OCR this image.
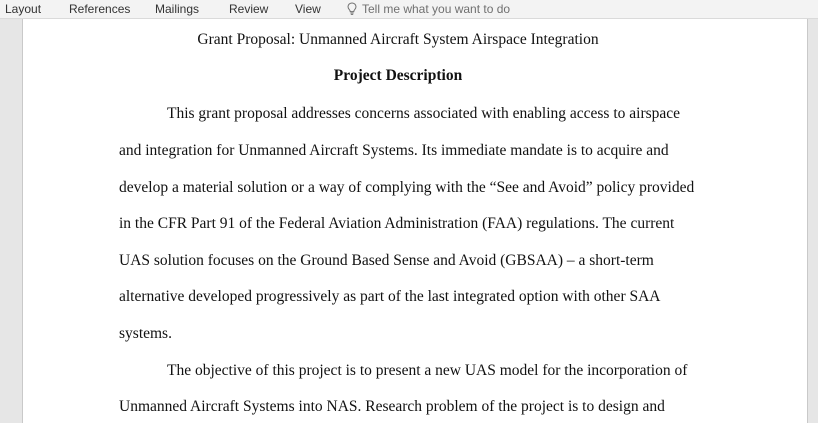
Layout References Mailings Review View	Tell me what you want to do
Grant Proposal: Unmanned Aircraft System Airspace Integration
Project Description
This grant proposal addresses concerns associated with enabling access to airspace
and integration for Unmanned Aircraft Systems. Its immediate mandate is to acquire and
develop a material solution or a way of complying with the “See and Avoid” policy provided
in the CFR Part 91 of the Federal Aviation Administration (FAA) regulations. The current
UAS solution focuses on the Ground Based Sense and Avoid (GBSAA) – a short-term
alternative developed progressively as part of the last integrated option with other SAA
systems.
The objective of this project is to present a new UAS model for the incorporation of
Unmanned Aircraft Systems into NAS. Research problem of the project is to design and
